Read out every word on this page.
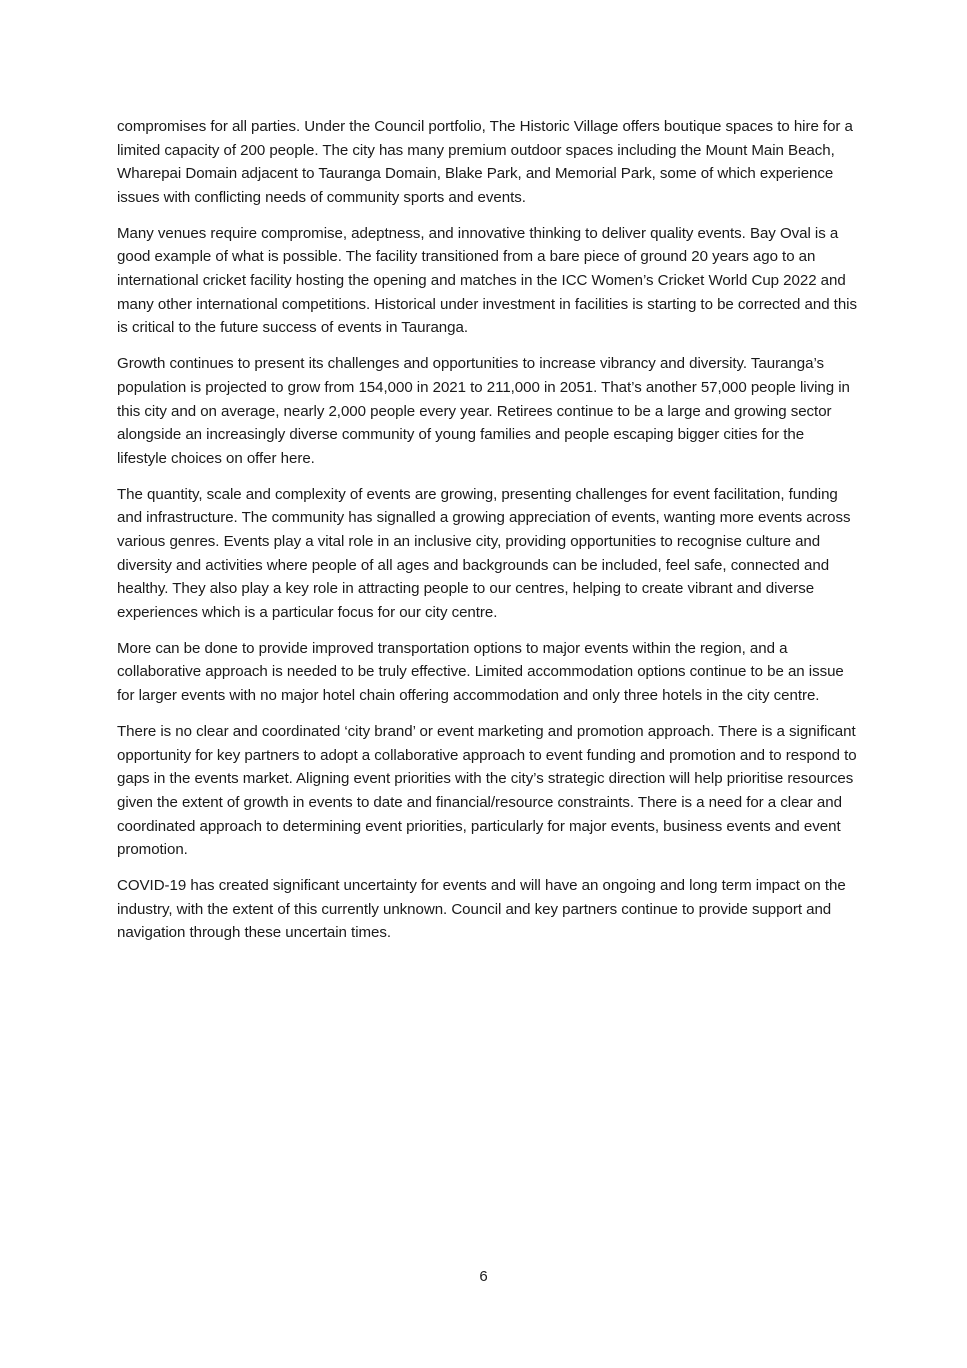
compromises for all parties. Under the Council portfolio, The Historic Village offers boutique spaces to hire for a limited capacity of 200 people. The city has many premium outdoor spaces including the Mount Main Beach, Wharepai Domain adjacent to Tauranga Domain, Blake Park, and Memorial Park, some of which experience issues with conflicting needs of community sports and events.

Many venues require compromise, adeptness, and innovative thinking to deliver quality events. Bay Oval is a good example of what is possible. The facility transitioned from a bare piece of ground 20 years ago to an international cricket facility hosting the opening and matches in the ICC Women’s Cricket World Cup 2022 and many other international competitions. Historical under investment in facilities is starting to be corrected and this is critical to the future success of events in Tauranga.

Growth continues to present its challenges and opportunities to increase vibrancy and diversity. Tauranga’s population is projected to grow from 154,000 in 2021 to 211,000 in 2051. That’s another 57,000 people living in this city and on average, nearly 2,000 people every year. Retirees continue to be a large and growing sector alongside an increasingly diverse community of young families and people escaping bigger cities for the lifestyle choices on offer here.

The quantity, scale and complexity of events are growing, presenting challenges for event facilitation, funding and infrastructure. The community has signalled a growing appreciation of events, wanting more events across various genres. Events play a vital role in an inclusive city, providing opportunities to recognise culture and diversity and activities where people of all ages and backgrounds can be included, feel safe, connected and healthy. They also play a key role in attracting people to our centres, helping to create vibrant and diverse experiences which is a particular focus for our city centre.

More can be done to provide improved transportation options to major events within the region, and a collaborative approach is needed to be truly effective. Limited accommodation options continue to be an issue for larger events with no major hotel chain offering accommodation and only three hotels in the city centre.

There is no clear and coordinated ‘city brand’ or event marketing and promotion approach. There is a significant opportunity for key partners to adopt a collaborative approach to event funding and promotion and to respond to gaps in the events market. Aligning event priorities with the city’s strategic direction will help prioritise resources given the extent of growth in events to date and financial/resource constraints. There is a need for a clear and coordinated approach to determining event priorities, particularly for major events, business events and event promotion.

COVID-19 has created significant uncertainty for events and will have an ongoing and long term impact on the industry, with the extent of this currently unknown. Council and key partners continue to provide support and navigation through these uncertain times.

6
